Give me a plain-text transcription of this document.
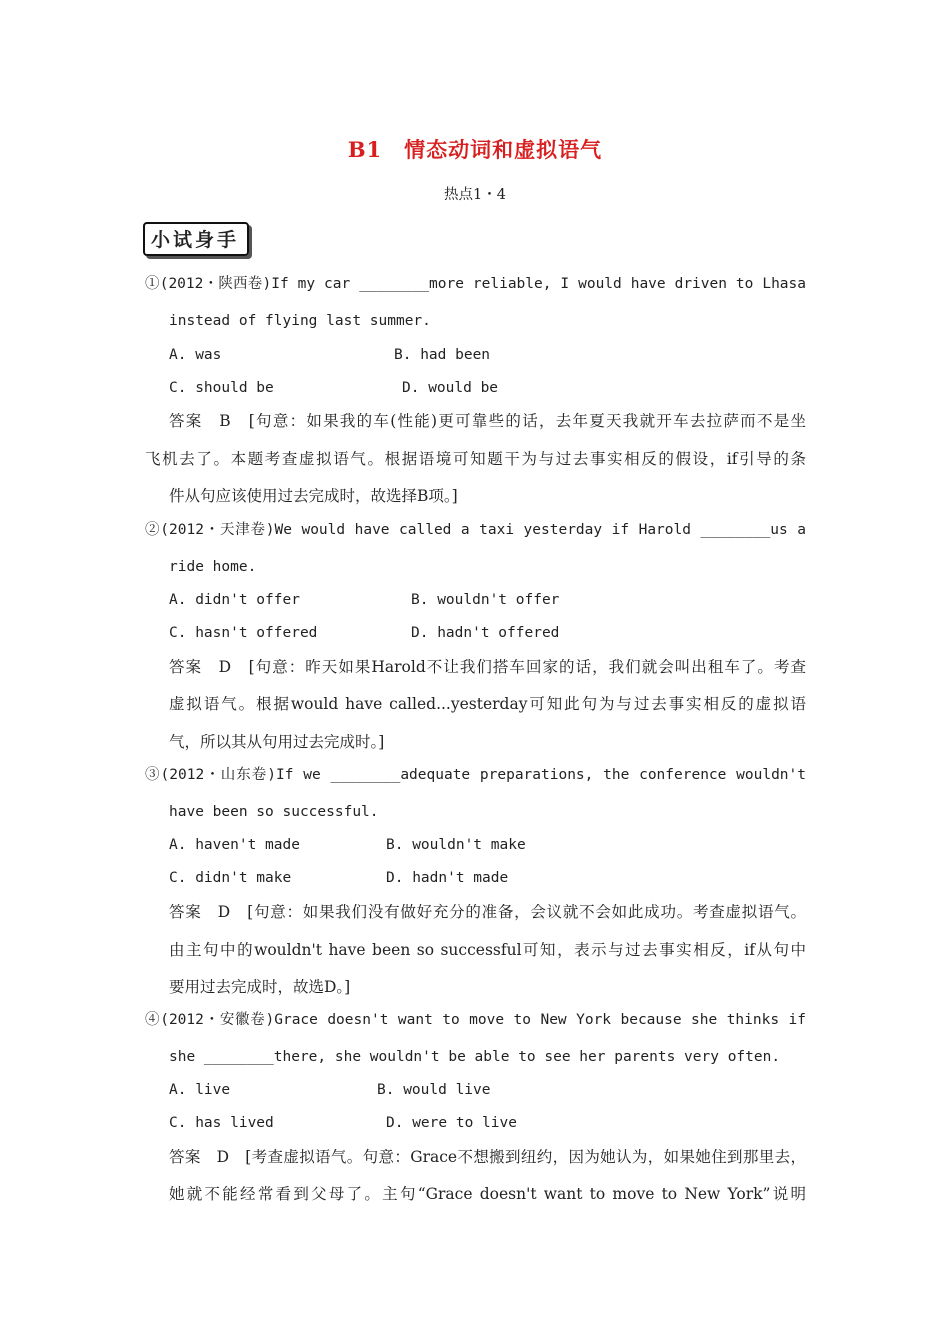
B1　情态动词和虚拟语气
热点1・4
小试身手
①(2012・陕西卷)If my car ________more reliable, I would have driven to Lhasa
instead of flying last summer.
A. was	B. had been
C. should be	D. would be
答案　B　[句意：如果我的车(性能)更可靠些的话，去年夏天我就开车去拉萨而不是坐
飞机去了。本题考查虚拟语气。根据语境可知题干为与过去事实相反的假设，if引导的条
件从句应该使用过去完成时，故选择B项。]
②(2012・天津卷)We would have called a taxi yesterday if Harold ________us a
ride home.
A. didn't offer	B. wouldn't offer
C. hasn't offered	D. hadn't offered
答案　D　[句意：昨天如果Harold不让我们搭车回家的话，我们就会叫出租车了。考查
虚拟语气。根据would have called...yesterday可知此句为与过去事实相反的虚拟语
气，所以其从句用过去完成时。]
③(2012・山东卷)If we ________adequate preparations, the conference wouldn't
have been so successful.
A. haven't made	B. wouldn't make
C. didn't make	D. hadn't made
答案　D　[句意：如果我们没有做好充分的准备，会议就不会如此成功。考查虚拟语气。
由主句中的wouldn't have been so successful可知，表示与过去事实相反，if从句中
要用过去完成时，故选D。]
④(2012・安徽卷)Grace doesn't want to move to New York because she thinks if
she ________there, she wouldn't be able to see her parents very often.
A. live	B. would live
C. has lived	D. were to live
答案　D　[考查虚拟语气。句意：Grace不想搬到纽约，因为她认为，如果她住到那里去，
她就不能经常看到父母了。主句“Grace doesn't want to move to New York”说明
